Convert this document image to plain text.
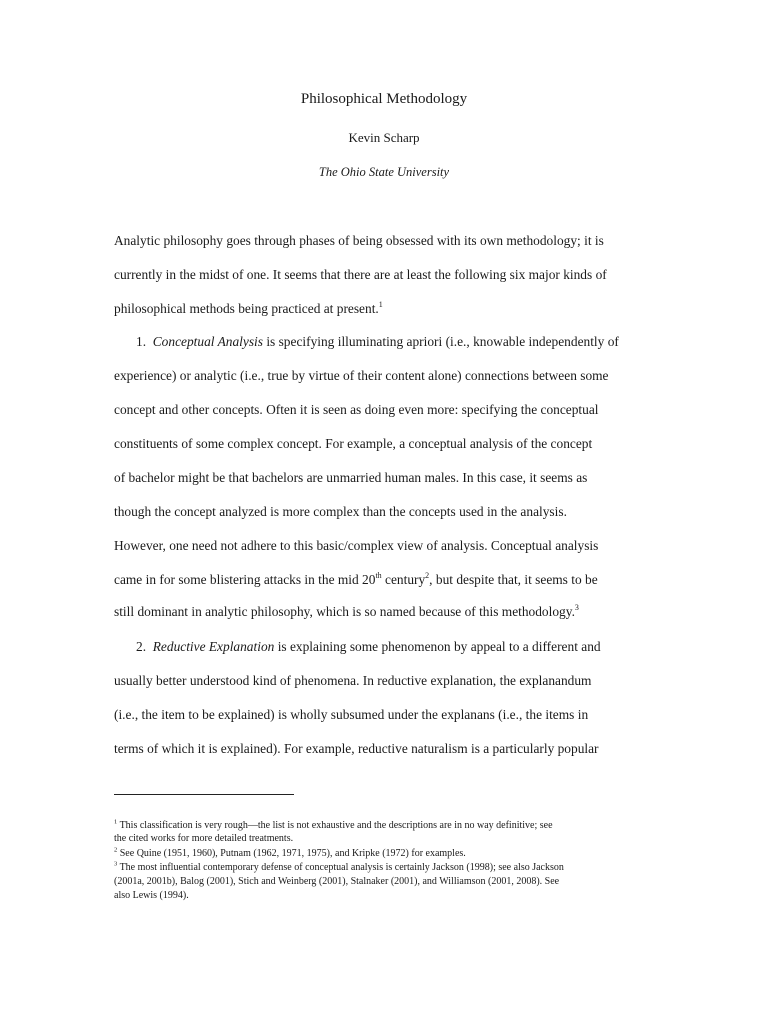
Philosophical Methodology
Kevin Scharp
The Ohio State University
Analytic philosophy goes through phases of being obsessed with its own methodology; it is
currently in the midst of one. It seems that there are at least the following six major kinds of
philosophical methods being practiced at present.$^1$
1. Conceptual Analysis is specifying illuminating apriori (i.e., knowable independently of
experience) or analytic (i.e., true by virtue of their content alone) connections between some
concept and other concepts. Often it is seen as doing even more: specifying the conceptual
constituents of some complex concept. For example, a conceptual analysis of the concept
of bachelor might be that bachelors are unmarried human males. In this case, it seems as
though the concept analyzed is more complex than the concepts used in the analysis.
However, one need not adhere to this basic/complex view of analysis. Conceptual analysis
came in for some blistering attacks in the mid 20th century$^2$, but despite that, it seems to be
still dominant in analytic philosophy, which is so named because of this methodology.$^3$
2. Reductive Explanation is explaining some phenomenon by appeal to a different and
usually better understood kind of phenomena. In reductive explanation, the explanandum
(i.e., the item to be explained) is wholly subsumed under the explanans (i.e., the items in
terms of which it is explained). For example, reductive naturalism is a particularly popular
$^1$ This classification is very rough—the list is not exhaustive and the descriptions are in no way definitive; see
the cited works for more detailed treatments.
$^2$ See Quine (1951, 1960), Putnam (1962, 1971, 1975), and Kripke (1972) for examples.
$^3$ The most influential contemporary defense of conceptual analysis is certainly Jackson (1998); see also Jackson
(2001a, 2001b), Balog (2001), Stich and Weinberg (2001), Stalnaker (2001), and Williamson (2001, 2008). See
also Lewis (1994).
